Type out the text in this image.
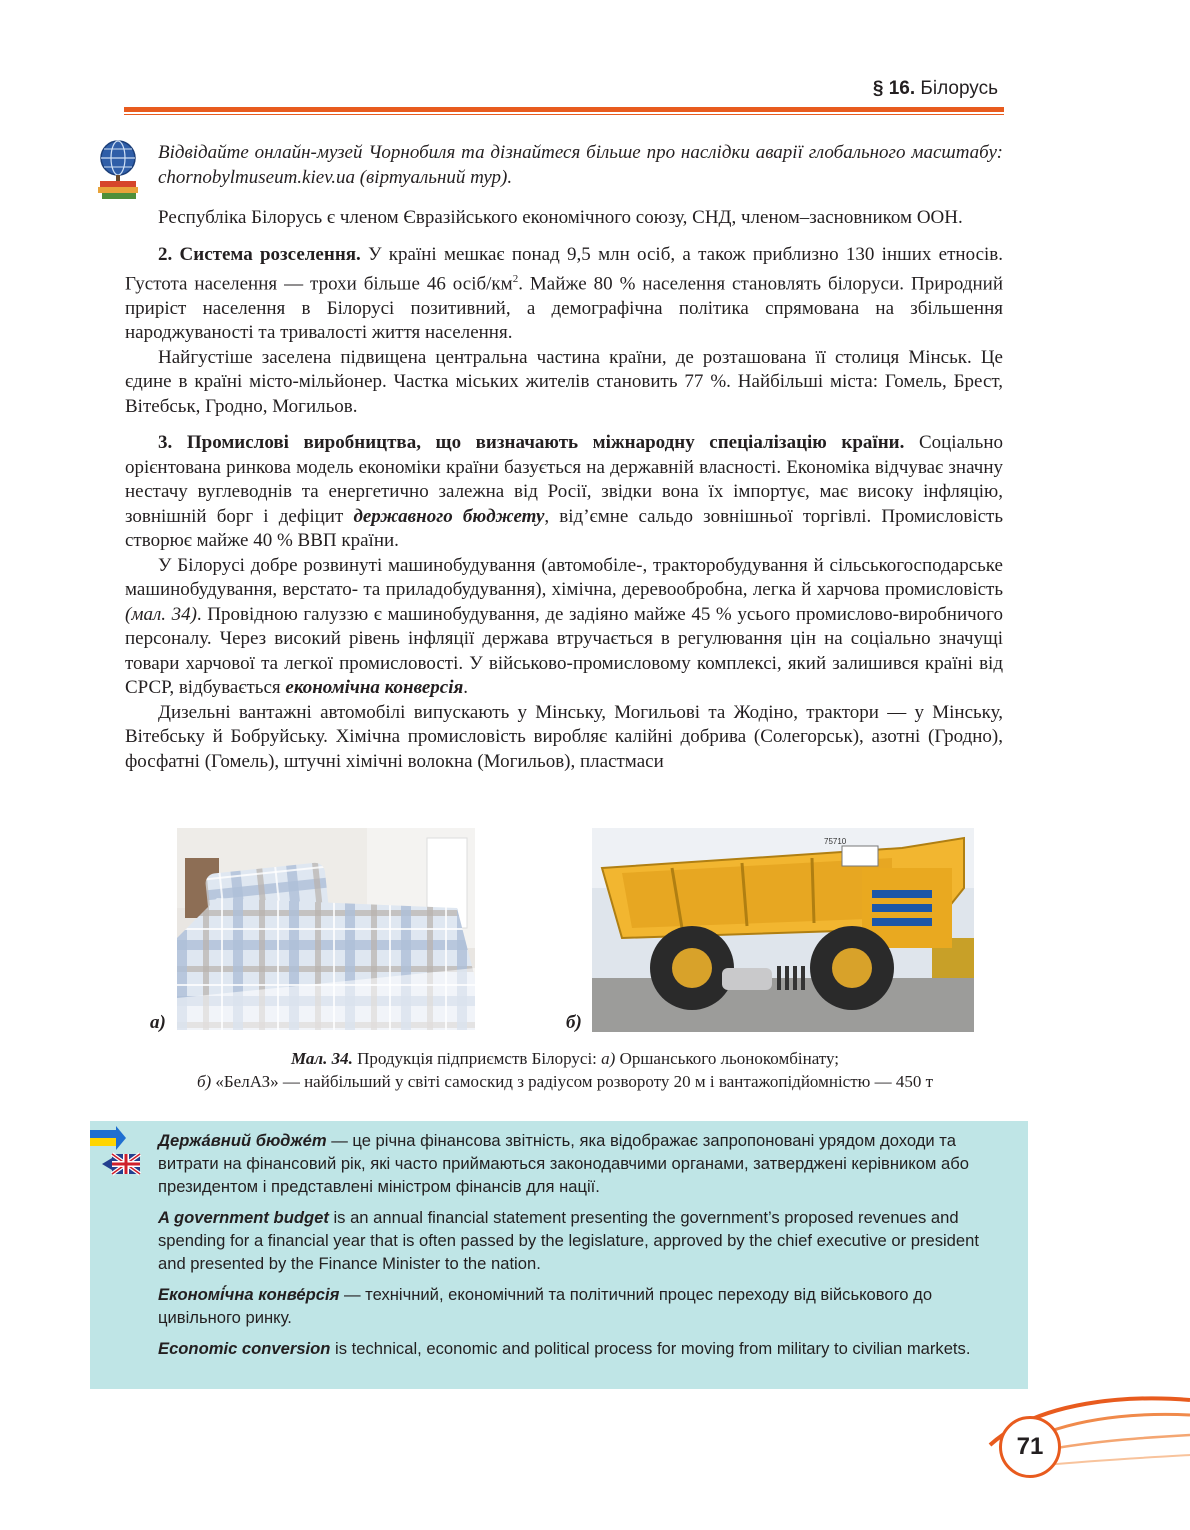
§ 16. Білорусь
Відвідайте онлайн-музей Чорнобиля та дізнайтеся більше про наслідки аварії глобального масштабу: chornobylmuseum.kiev.ua (віртуальний тур).

Республіка Білорусь є членом Євразійського економічного союзу, СНД, членом–засновником ООН.

2. Система розселення. У країні мешкає понад 9,5 млн осіб, а також приблизно 130 інших етносів. Густота населення — трохи більше 46 осіб/$км^2$. Майже 80 % населення становлять білоруси. Природний приріст населення в Білорусі позитивний, а демографічна політика спрямована на збільшення народжуваності та тривалості життя населення.

Найгустіше заселена підвищена центральна частина країни, де розташована її столиця Мінськ. Це єдине в країні місто-мільйонер. Частка міських жителів становить 77 %. Найбільші міста: Гомель, Брест, Вітебськ, Гродно, Могильов.

3. Промислові виробництва, що визначають міжнародну спеціалізацію країни. Соціально орієнтована ринкова модель економіки країни базується на державній власності. Економіка відчуває значну нестачу вуглеводнів та енергетично залежна від Росії, звідки вона їх імпортує, має високу інфляцію, зовнішній борг і дефіцит державного бюджету, від’ємне сальдо зовнішньої торгівлі. Промисловість створює майже 40 % ВВП країни.

У Білорусі добре розвинуті машинобудування (автомобіле-, тракторобудування й сільськогосподарське машинобудування, верстато- та приладобудування), хімічна, деревообробна, легка й харчова промисловість (мал. 34). Провідною галуззю є машинобудування, де задіяно майже 45 % усього промислово-виробничого персоналу. Через високий рівень інфляції держава втручається в регулювання цін на соціально значущі товари харчової та легкої промисловості. У військово-промисловому комплексі, який залишився країні від СРСР, відбувається економічна конверсія.

Дизельні вантажні автомобілі випускають у Мінську, Могильові та Жодіно, трактори — у Мінську, Вітебську й Бобруйську. Хімічна промисловість виробляє калійні добрива (Солегорськ), азотні (Гродно), фосфатні (Гомель), штучні хімічні волокна (Могильов), пластмаси

а)
75710
б)
Мал. 34. Продукція підприємств Білорусі: а) Оршанського льонокомбінату;
б) «БелАЗ» — найбільший у світі самоскид з радіусом розвороту 20 м і вантажопідйомністю — 450 т

Держа́вний бюдже́т — це річна фінансова звітність, яка відображає запропоновані урядом доходи та витрати на фінансовий рік, які часто приймаються законодавчими органами, затверджені керівником або президентом і представлені міністром фінансів для нації.

A government budget is an annual financial statement presenting the government’s proposed revenues and spending for a financial year that is often passed by the legislature, approved by the chief executive or president and presented by the Finance Minister to the nation.

Економі́чна конве́рсія — технічний, економічний та політичний процес переходу від військового до цивільного ринку.

Economic conversion is technical, economic and political process for moving from military to civilian markets.

71
